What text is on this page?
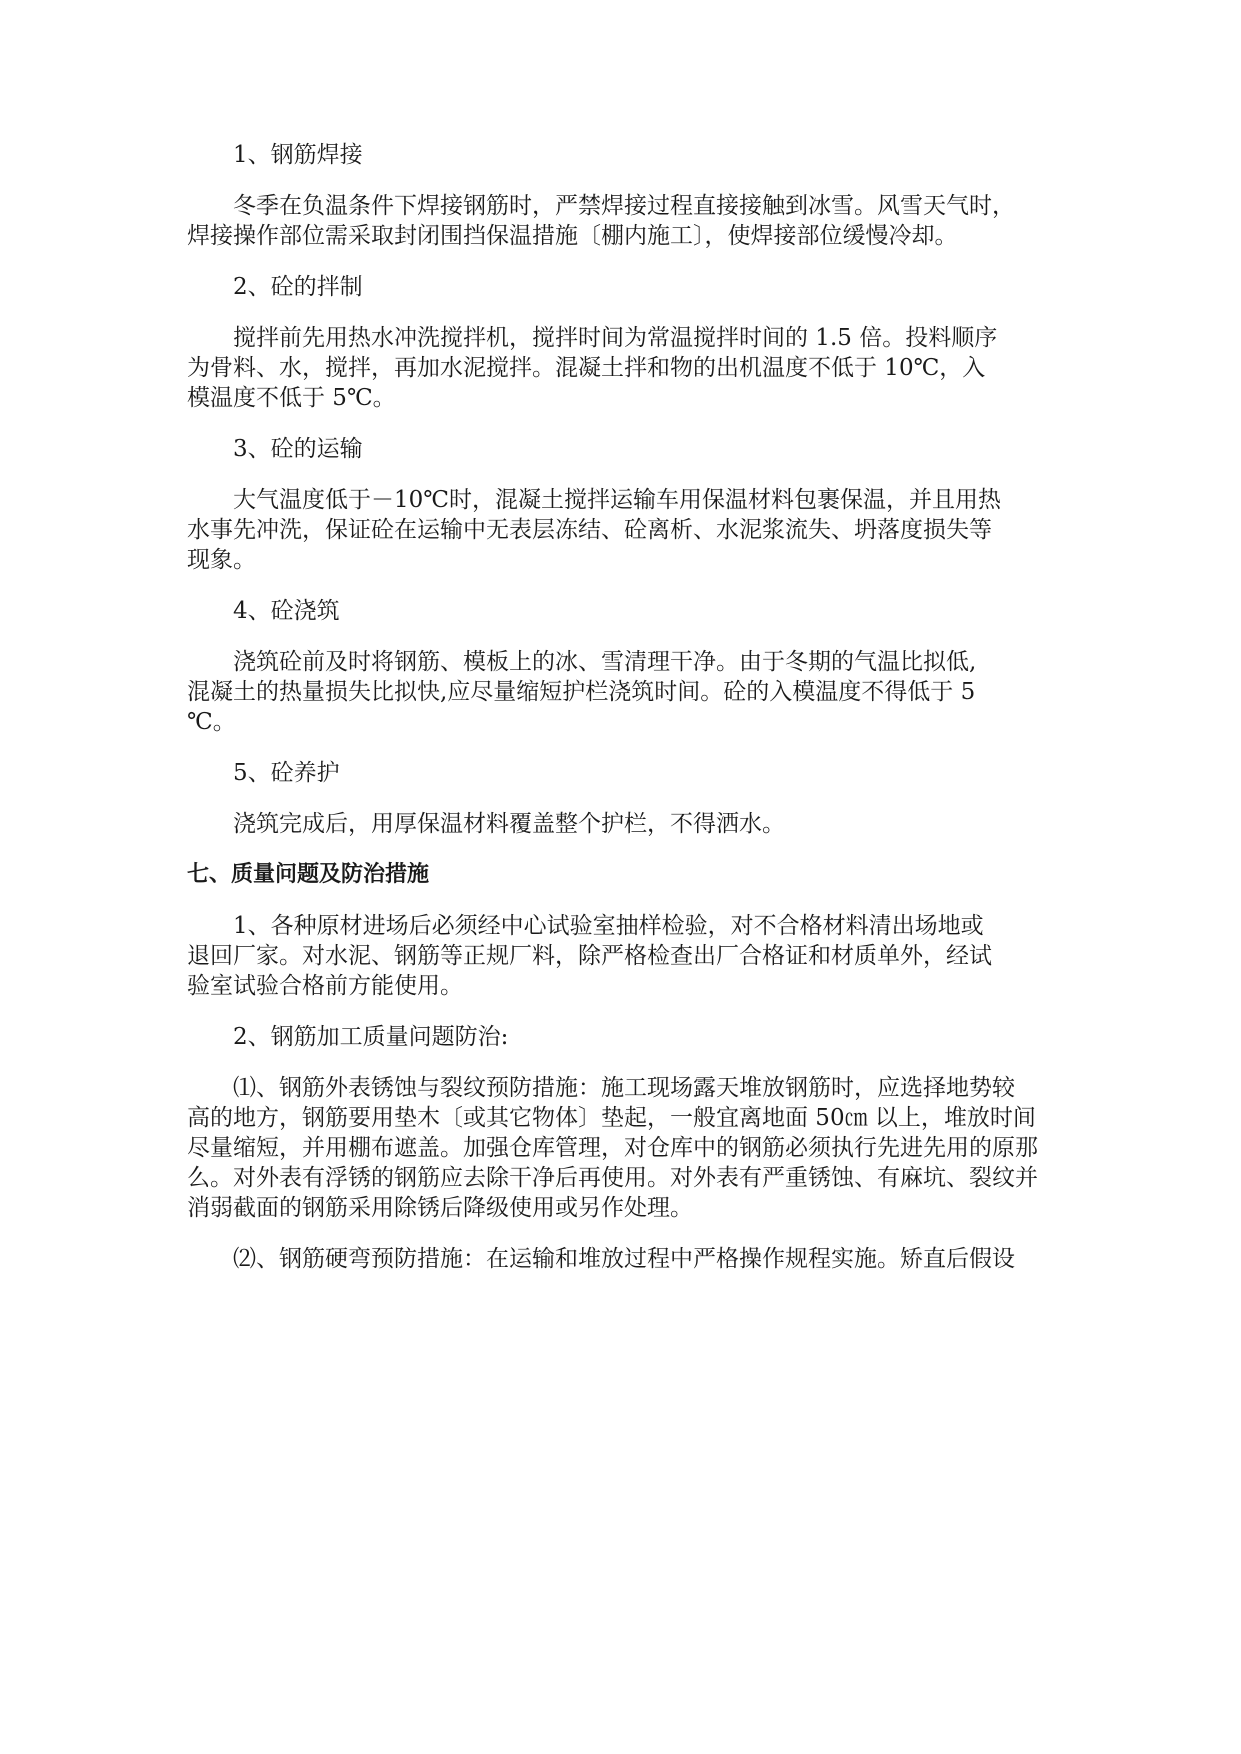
1、钢筋焊接

冬季在负温条件下焊接钢筋时，严禁焊接过程直接接触到冰雪。风雪天气时，

焊接操作部位需采取封闭围挡保温措施〔棚内施工〕，使焊接部位缓慢冷却。

2、砼的拌制

搅拌前先用热水冲洗搅拌机，搅拌时间为常温搅拌时间的 1.5 倍。投料顺序

为骨料、水，搅拌，再加水泥搅拌。混凝土拌和物的出机温度不低于 10℃，入

模温度不低于 5℃。

3、砼的运输

大气温度低于－10℃时，混凝土搅拌运输车用保温材料包裹保温，并且用热

水事先冲洗，保证砼在运输中无表层冻结、砼离析、水泥浆流失、坍落度损失等

现象。

4、砼浇筑

浇筑砼前及时将钢筋、模板上的冰、雪清理干净。由于冬期的气温比拟低,

混凝土的热量损失比拟快,应尽量缩短护栏浇筑时间。砼的入模温度不得低于 5

℃。

5、砼养护

浇筑完成后，用厚保温材料覆盖整个护栏，不得洒水。

七、质量问题及防治措施

1、各种原材进场后必须经中心试验室抽样检验，对不合格材料清出场地或

退回厂家。对水泥、钢筋等正规厂料，除严格检查出厂合格证和材质单外，经试

验室试验合格前方能使用。

2、钢筋加工质量问题防治:

⑴、钢筋外表锈蚀与裂纹预防措施：施工现场露天堆放钢筋时，应选择地势较

高的地方，钢筋要用垫木〔或其它物体〕垫起，一般宜离地面 50㎝ 以上，堆放时间

尽量缩短，并用棚布遮盖。加强仓库管理，对仓库中的钢筋必须执行先进先用的原那

么。对外表有浮锈的钢筋应去除干净后再使用。对外表有严重锈蚀、有麻坑、裂纹并

消弱截面的钢筋采用除锈后降级使用或另作处理。

⑵、钢筋硬弯预防措施：在运输和堆放过程中严格操作规程实施。矫直后假设
